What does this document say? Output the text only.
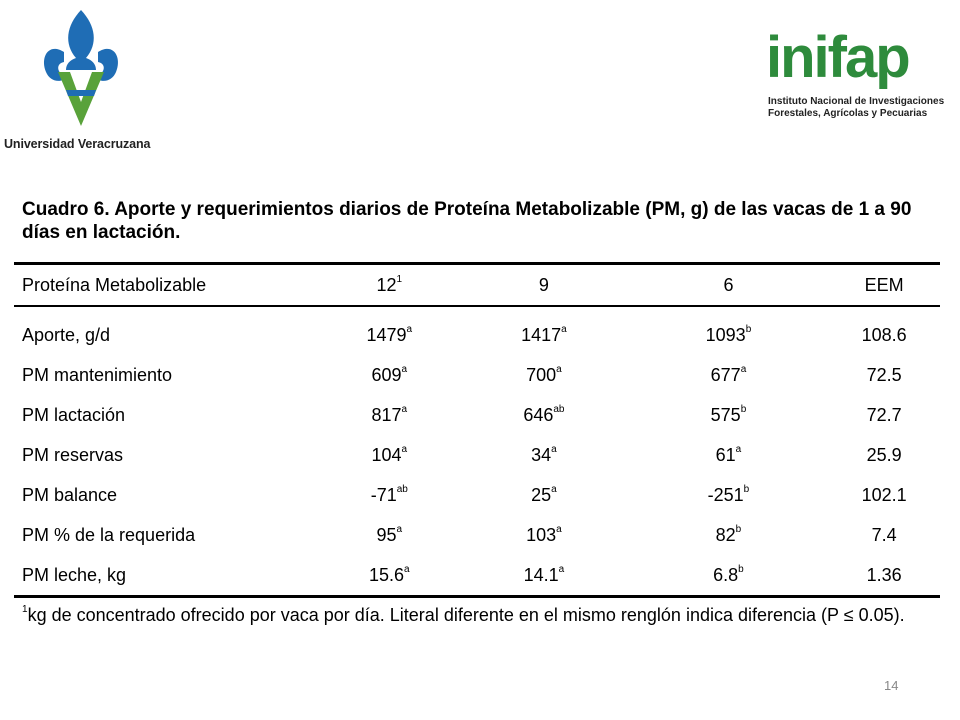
Universidad Veracruzana
inifap
Instituto Nacional de Investigaciones
Forestales, Agrícolas y Pecuarias
Cuadro 6. Aporte y requerimientos diarios de Proteína Metabolizable (PM, g) de las vacas de 1 a 90 días en lactación.
Proteína Metabolizable	$12^1$	9	6	EEM
Aporte, g/d	1479$^a$	1417$^a$	1093$^b$	108.6
PM mantenimiento	609$^a$	700$^a$	677$^a$	72.5
PM lactación	817$^a$	$646^{ab}$	575$^b$	72.7
PM reservas	104$^a$	34$^a$	61$^a$	25.9
PM balance	$-71^{ab}$	25$^a$	-251$^b$	102.1
PM % de la requerida	95$^a$	103$^a$	82$^b$	7.4
PM leche, kg	15.6$^a$	14.1$^a$	6.8$^b$	1.36
$^1$kg de concentrado ofrecido por vaca por día. Literal diferente en el mismo renglón indica diferencia (P ≤ 0.05).
14
